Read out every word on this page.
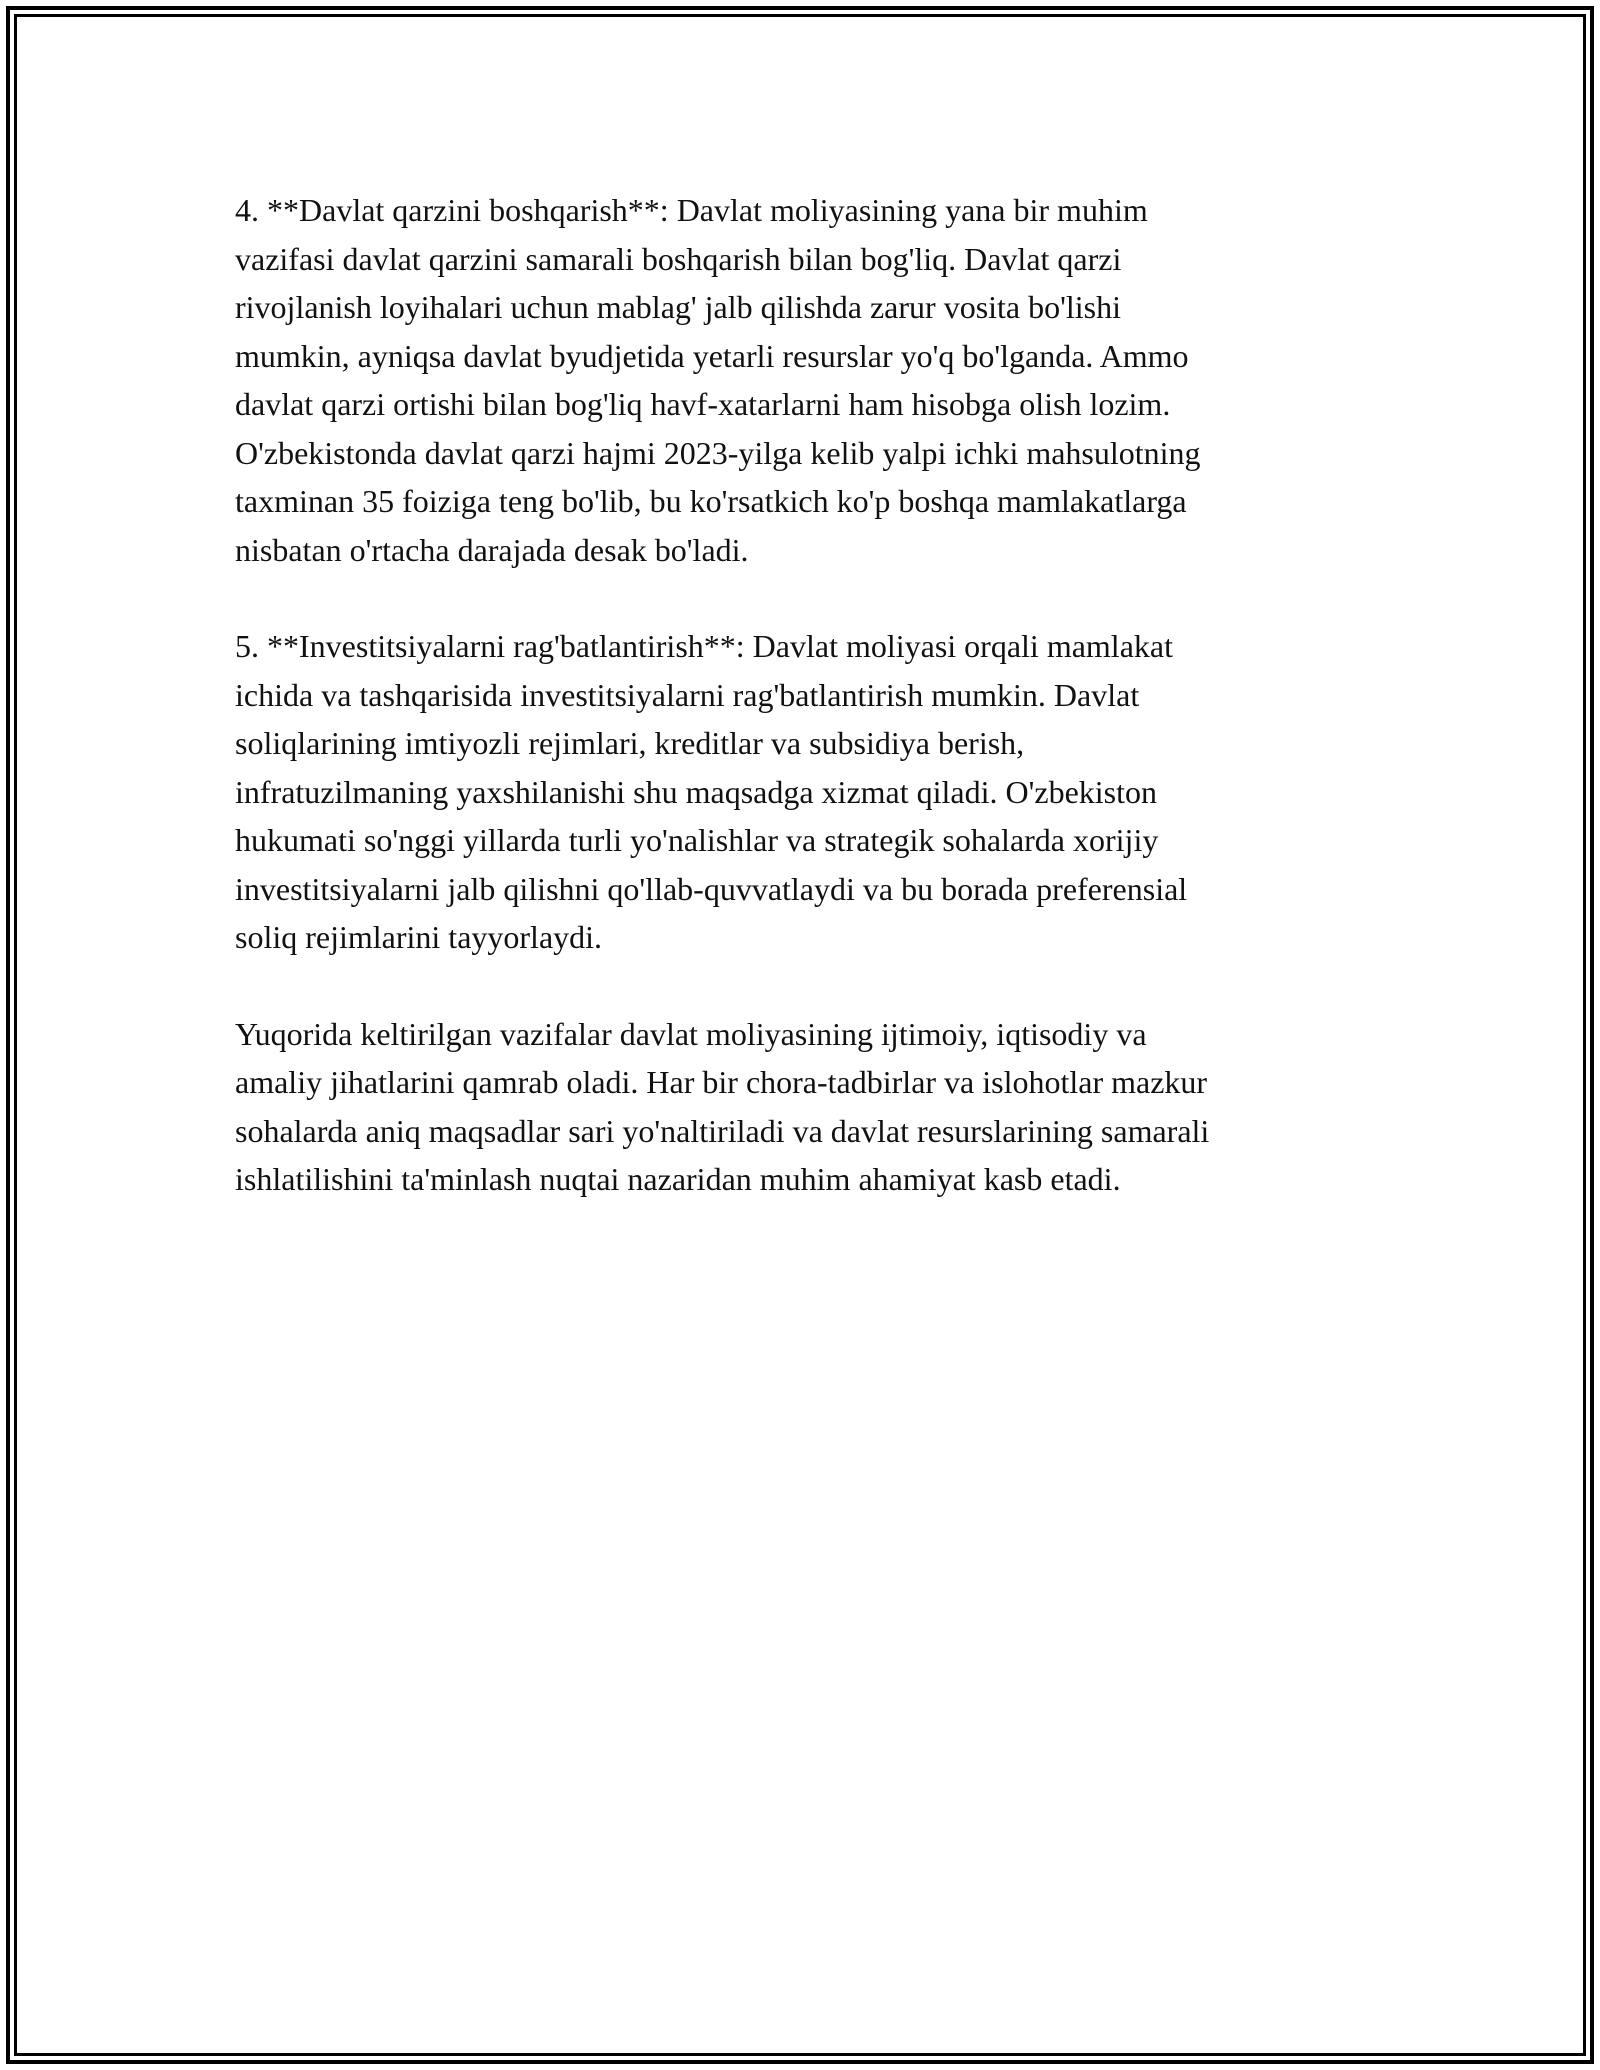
4. **Davlat qarzini boshqarish**: Davlat moliyasining yana bir muhim
vazifasi davlat qarzini samarali boshqarish bilan bog'liq. Davlat qarzi
rivojlanish loyihalari uchun mablag' jalb qilishda zarur vosita bo'lishi
mumkin, ayniqsa davlat byudjetida yetarli resurslar yo'q bo'lganda. Ammo
davlat qarzi ortishi bilan bog'liq havf-xatarlarni ham hisobga olish lozim.
O'zbekistonda davlat qarzi hajmi 2023-yilga kelib yalpi ichki mahsulotning
taxminan 35 foiziga teng bo'lib, bu ko'rsatkich ko'p boshqa mamlakatlarga
nisbatan o'rtacha darajada desak bo'ladi.

5. **Investitsiyalarni rag'batlantirish**: Davlat moliyasi orqali mamlakat
ichida va tashqarisida investitsiyalarni rag'batlantirish mumkin. Davlat
soliqlarining imtiyozli rejimlari, kreditlar va subsidiya berish,
infratuzilmaning yaxshilanishi shu maqsadga xizmat qiladi. O'zbekiston
hukumati so'nggi yillarda turli yo'nalishlar va strategik sohalarda xorijiy
investitsiyalarni jalb qilishni qo'llab-quvvatlaydi va bu borada preferensial
soliq rejimlarini tayyorlaydi.

Yuqorida keltirilgan vazifalar davlat moliyasining ijtimoiy, iqtisodiy va
amaliy jihatlarini qamrab oladi. Har bir chora-tadbirlar va islohotlar mazkur
sohalarda aniq maqsadlar sari yo'naltiriladi va davlat resurslarining samarali
ishlatilishini ta'minlash nuqtai nazaridan muhim ahamiyat kasb etadi.
